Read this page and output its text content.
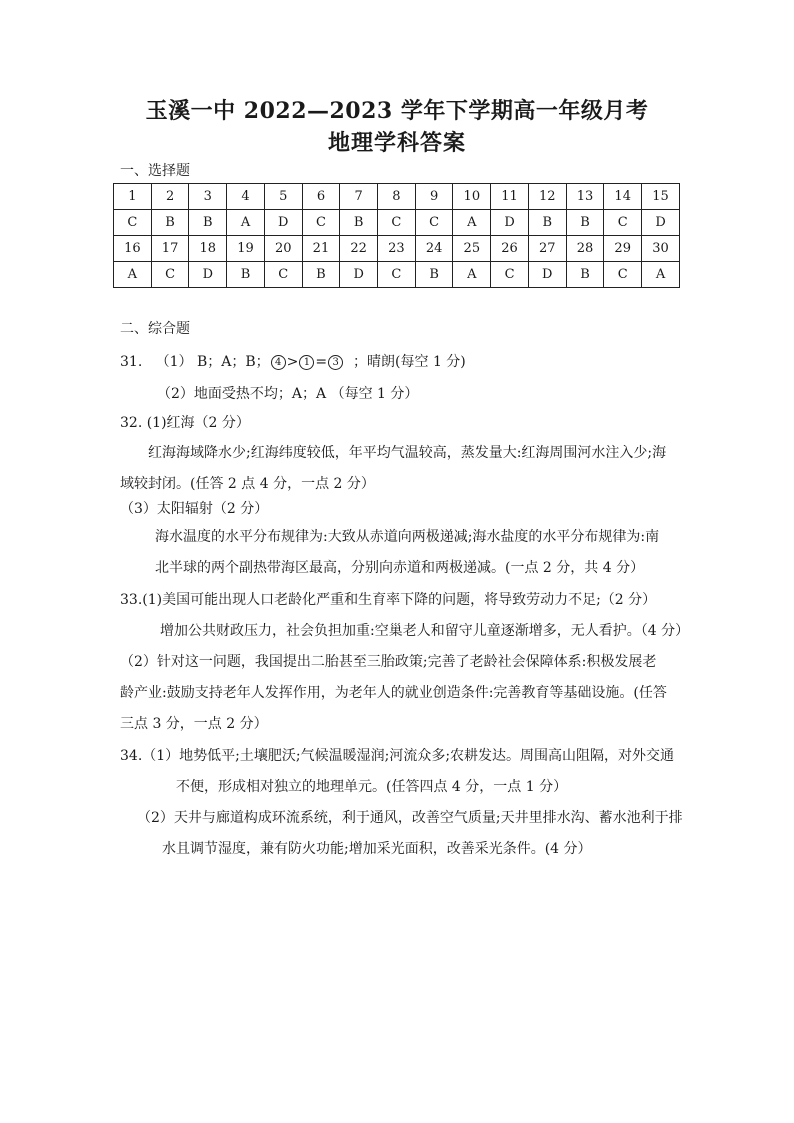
玉溪一中 2022—2023 学年下学期高一年级月考
地理学科答案
一、选择题
1	2	3	4	5	6	7	8	9	10	11	12	13	14	15
C	B	B	A	D	C	B	C	C	A	D	B	B	C	D
16	17	18	19	20	21	22	23	24	25	26	27	28	29	30
A	C	D	B	C	B	D	C	B	A	C	D	B	C	A
二、综合题
31.   （1） B；A；B； 4 > 1 = 3  ；晴朗(每空 1 分)
（2）地面受热不均；A；A （每空 1 分）
32. (1)红海（2 分）
红海海域降水少;红海纬度较低，年平均气温较高，蒸发量大:红海周围河水注入少;海
域较封闭。(任答 2 点 4 分，一点 2 分）
（3）太阳辐射（2 分）
海水温度的水平分布规律为:大致从赤道向两极递减;海水盐度的水平分布规律为:南
北半球的两个副热带海区最高，分别向赤道和两极递减。(一点 2 分，共 4 分）
33.(1)美国可能出现人口老龄化严重和生育率下降的问题，将导致劳动力不足;（2 分）
增加公共财政压力，社会负担加重:空巢老人和留守儿童逐渐增多，无人看护。（4 分）
（2）针对这一问题，我国提出二胎甚至三胎政策;完善了老龄社会保障体系:积极发展老
龄产业:鼓励支持老年人发挥作用，为老年人的就业创造条件:完善教育等基础设施。(任答
三点 3 分，一点 2 分）
34.（1）地势低平;土壤肥沃;气候温暖湿润;河流众多;农耕发达。周围高山阻隔，对外交通
不便，形成相对独立的地理单元。(任答四点 4 分，一点 1 分）
（2）天井与廊道构成环流系统，利于通风，改善空气质量;天井里排水沟、蓄水池利于排
水且调节湿度，兼有防火功能;增加采光面积，改善采光条件。(4 分）
